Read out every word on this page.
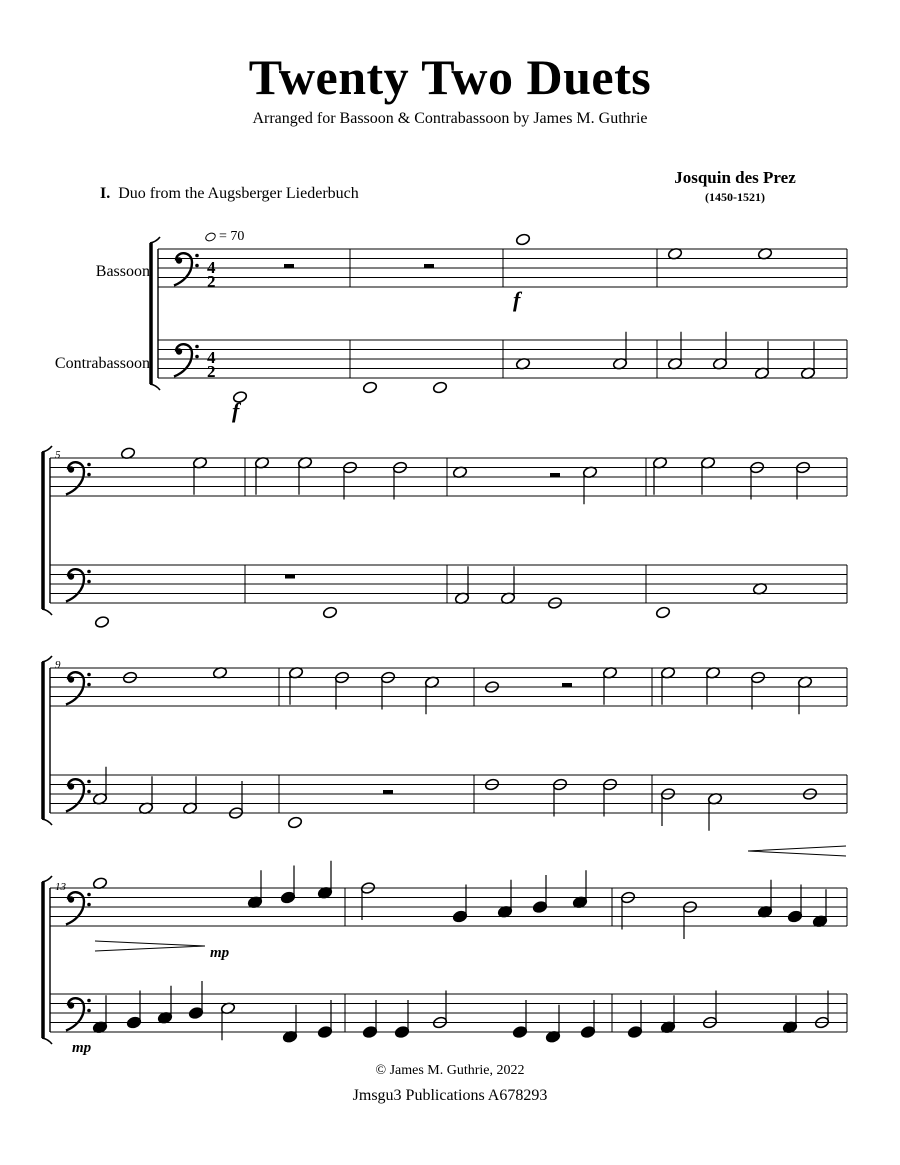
Twenty Two Duets
Arranged for Bassoon & Contrabassoon by James M. Guthrie
Josquin des Prez
(1450-1521)
I. Duo from the Augsberger Liederbuch
Bassoon
Contrabassoon
= 70
5
9
13
4
2
4
2
f
f
mp
mp
© James M. Guthrie, 2022
Jmsgu3 Publications A678293
